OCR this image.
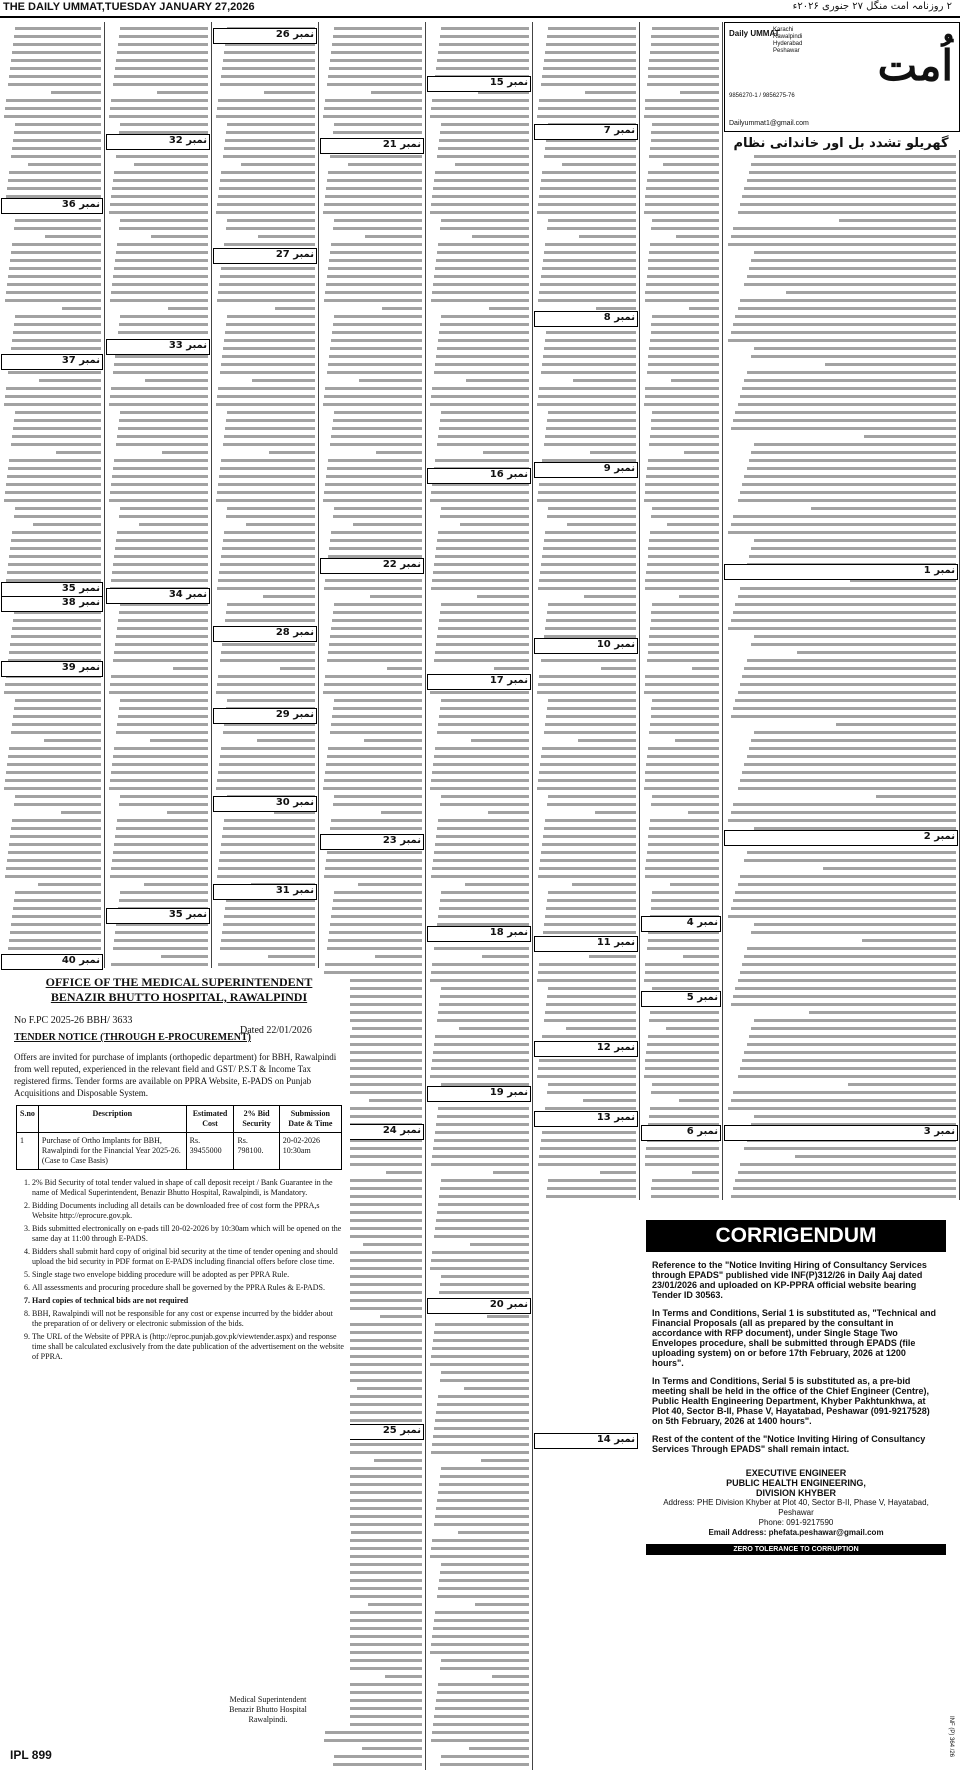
THE DAILY UMMAT,TUESDAY JANUARY 27,2026	۲ روزنامہ امت منگل ۲۷ جنوری ۲۰۲۶ء
نمبر 35
نمبر 36
نمبر 37
نمبر 38
نمبر 39
نمبر 40
نمبر 32
نمبر 33
نمبر 34
نمبر 35
نمبر 26
نمبر 27
نمبر 28
نمبر 29
نمبر 30
نمبر 31
نمبر 21
نمبر 22
نمبر 23
نمبر 24
نمبر 25
نمبر 15
نمبر 16
نمبر 17
نمبر 18
نمبر 19
نمبر 20
نمبر 7
نمبر 8
نمبر 9
نمبر 10
نمبر 11
نمبر 12
نمبر 13
نمبر 14
نمبر 4
نمبر 5
نمبر 6
نمبر 1
نمبر 2
نمبر 3
Daily UMMAT
Karachi
Rawalpindi
Hyderabad
Peshawar اُمت
9856270-1 / 9856275-76
Dailyummat1@gmail.com
گھریلو تشدد بل اور خاندانی نظام
OFFICE OF THE MEDICAL SUPERINTENDENT
BENAZIR BHUTTO HOSPITAL, RAWALPINDI
No F.PC 2025-26 BBH/ 3633
Dated 22/01/2026
TENDER NOTICE (THROUGH E-PROCUREMENT)

Offers are invited for purchase of implants (orthopedic department) for BBH, Rawalpindi from well reputed, experienced in the relevant field and GST/ P.S.T & Income Tax registered firms. Tender forms are available on PPRA Website, E-PADS on Punjab Acquisitions and Disposable System.

S.no	Description	Estimated Cost	2% Bid Security	Submission Date & Time
1	Purchase of Ortho Implants for BBH, Rawalpindi for the Financial Year 2025-26. (Case to Case Basis)	Rs. 39455000	Rs. 798100.	20-02-2026 10:30am
1. 2% Bid Security of total tender valued in shape of call deposit receipt / Bank Guarantee in the name of Medical Superintendent, Benazir Bhutto Hospital, Rawalpindi, is Mandatory.
2. Bidding Documents including all details can be downloaded free of cost form the PPRA,s Website http://eprocure.gov.pk.
3. Bids submitted electronically on e-pads till 20-02-2026 by 10:30am which will be opened on the same day at 11:00 through E-PADS.
4. Bidders shall submit hard copy of original bid security at the time of tender opening and should upload the bid security in PDF format on E-PADS including financial offers before close time.
5. Single stage two envelope bidding procedure will be adopted as per PPRA Rule.
6. All assessments and procuring procedure shall be governed by the PPRA Rules & E-PADS.
7. Hard copies of technical bids are not required
8. BBH, Rawalpindi will not be responsible for any cost or expense incurred by the bidder about the preparation of or delivery or electronic submission of the bids.
9. The URL of the Website of PPRA is (http://eproc.punjab.gov.pk/viewtender.aspx) and response time shall be calculated exclusively from the date publication of the advertisement on the website of PPRA.
Medical Superintendent
Benazir Bhutto Hospital
Rawalpindi.
IPL 899
CORRIGENDUM

Reference to the "Notice Inviting Hiring of Consultancy Services through EPADS" published vide INF(P)312/26 in Daily Aaj dated 23/01/2026 and uploaded on KP-PPRA official website bearing Tender ID 30563.

In Terms and Conditions, Serial 1 is substituted as, "Technical and Financial Proposals (all as prepared by the consultant in accordance with RFP document), under Single Stage Two Envelopes procedure, shall be submitted through EPADS (file uploading system) on or before 17th February, 2026 at 1200 hours".

In Terms and Conditions, Serial 5 is substituted as, a pre-bid meeting shall be held in the office of the Chief Engineer (Centre), Public Health Engineering Department, Khyber Pakhtunkhwa, at Plot 40, Sector B-II, Phase V, Hayatabad, Peshawar (091-9217528) on 5th February, 2026 at 1400 hours".

Rest of the content of the "Notice Inviting Hiring of Consultancy Services Through EPADS" shall remain intact.

EXECUTIVE ENGINEER
PUBLIC HEALTH ENGINEERING,
DIVISION KHYBER
Address: PHE Division Khyber at Plot 40, Sector B-II, Phase V, Hayatabad, Peshawar
Phone: 091-9217590
Email Address: phefata.peshawar@gmail.com
ZERO TOLERANCE TO CORRUPTION
INF (P) 364 /26
